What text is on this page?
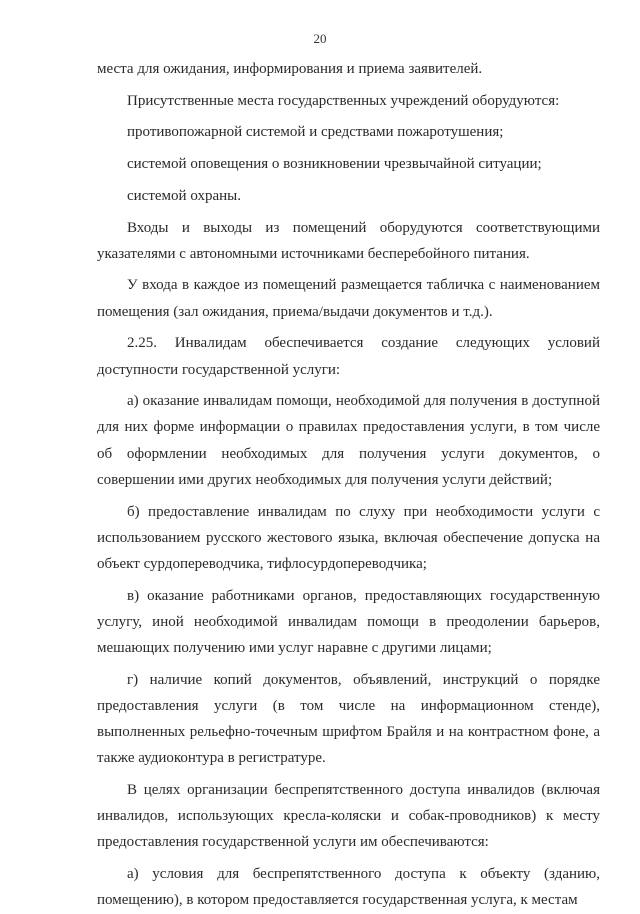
20

места для ожидания, информирования и приема заявителей.

Присутственные места государственных учреждений оборудуются:

противопожарной системой и средствами пожаротушения;

системой оповещения о возникновении чрезвычайной ситуации;

системой охраны.

Входы и выходы из помещений оборудуются соответствующими указателями с автономными источниками бесперебойного питания.

У входа в каждое из помещений размещается табличка с наименованием помещения (зал ожидания, приема/выдачи документов и т.д.).

2.25. Инвалидам обеспечивается создание следующих условий доступности государственной услуги:

а) оказание инвалидам помощи, необходимой для получения в доступной для них форме информации о правилах предоставления услуги, в том числе об оформлении необходимых для получения услуги документов, о совершении ими других необходимых для получения услуги действий;

б) предоставление инвалидам по слуху при необходимости услуги с использованием русского жестового языка, включая обеспечение допуска на объект сурдопереводчика, тифлосурдопереводчика;

в) оказание работниками органов, предоставляющих государственную услугу, иной необходимой инвалидам помощи в преодолении барьеров, мешающих получению ими услуг наравне с другими лицами;

г) наличие копий документов, объявлений, инструкций о порядке предоставления услуги (в том числе на информационном стенде), выполненных рельефно-точечным шрифтом Брайля и на контрастном фоне, а также аудиоконтура в регистратуре.

В целях организации беспрепятственного доступа инвалидов (включая инвалидов, использующих кресла-коляски и собак-проводников) к месту предоставления государственной услуги им обеспечиваются:

а) условия для беспрепятственного доступа к объекту (зданию, помещению), в котором предоставляется государственная услуга, к местам
